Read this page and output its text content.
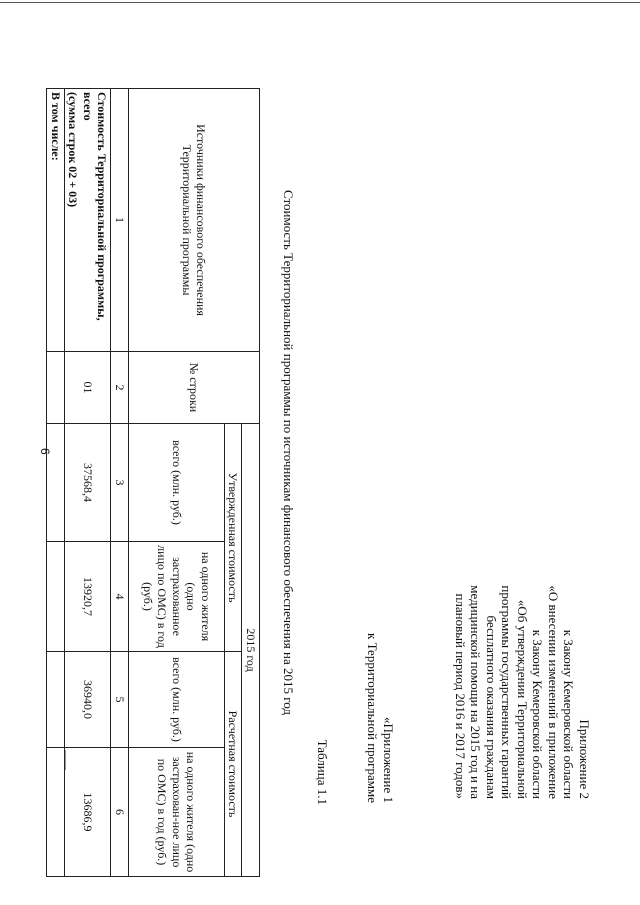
6
Приложение 2
к Закону Кемеровской области
«О внесении изменений в приложение
к Закону Кемеровской области
«Об утверждении Территориальной
программы государственных гарантий
бесплатного оказания гражданам
медицинской помощи на 2015 год и на
плановый период 2016 и 2017 годов»
«Приложение 1
к Территориальной программе
Таблица 1.1
Стоимость Территориальной программы по источникам финансового обеспечения на 2015 год
Источники финансового обеспечения Территориальной программы	№ строки	2015 год			
		Утвержденная стоимость		Расчетная стоимость	
		всего (млн. руб.)	на одного жителя (одно застрахованное лицо по ОМС) в год (руб.)	всего (млн. руб.)	на одного жителя (одно застрахован-ное лицо по ОМС) в год (руб.)
1	2	3	4	5	6
Стоимость Территориальной программы, всего
(сумма строк 02 + 03)	01	37568,4	13920,7	36940,0	13686,9
В том числе:					
